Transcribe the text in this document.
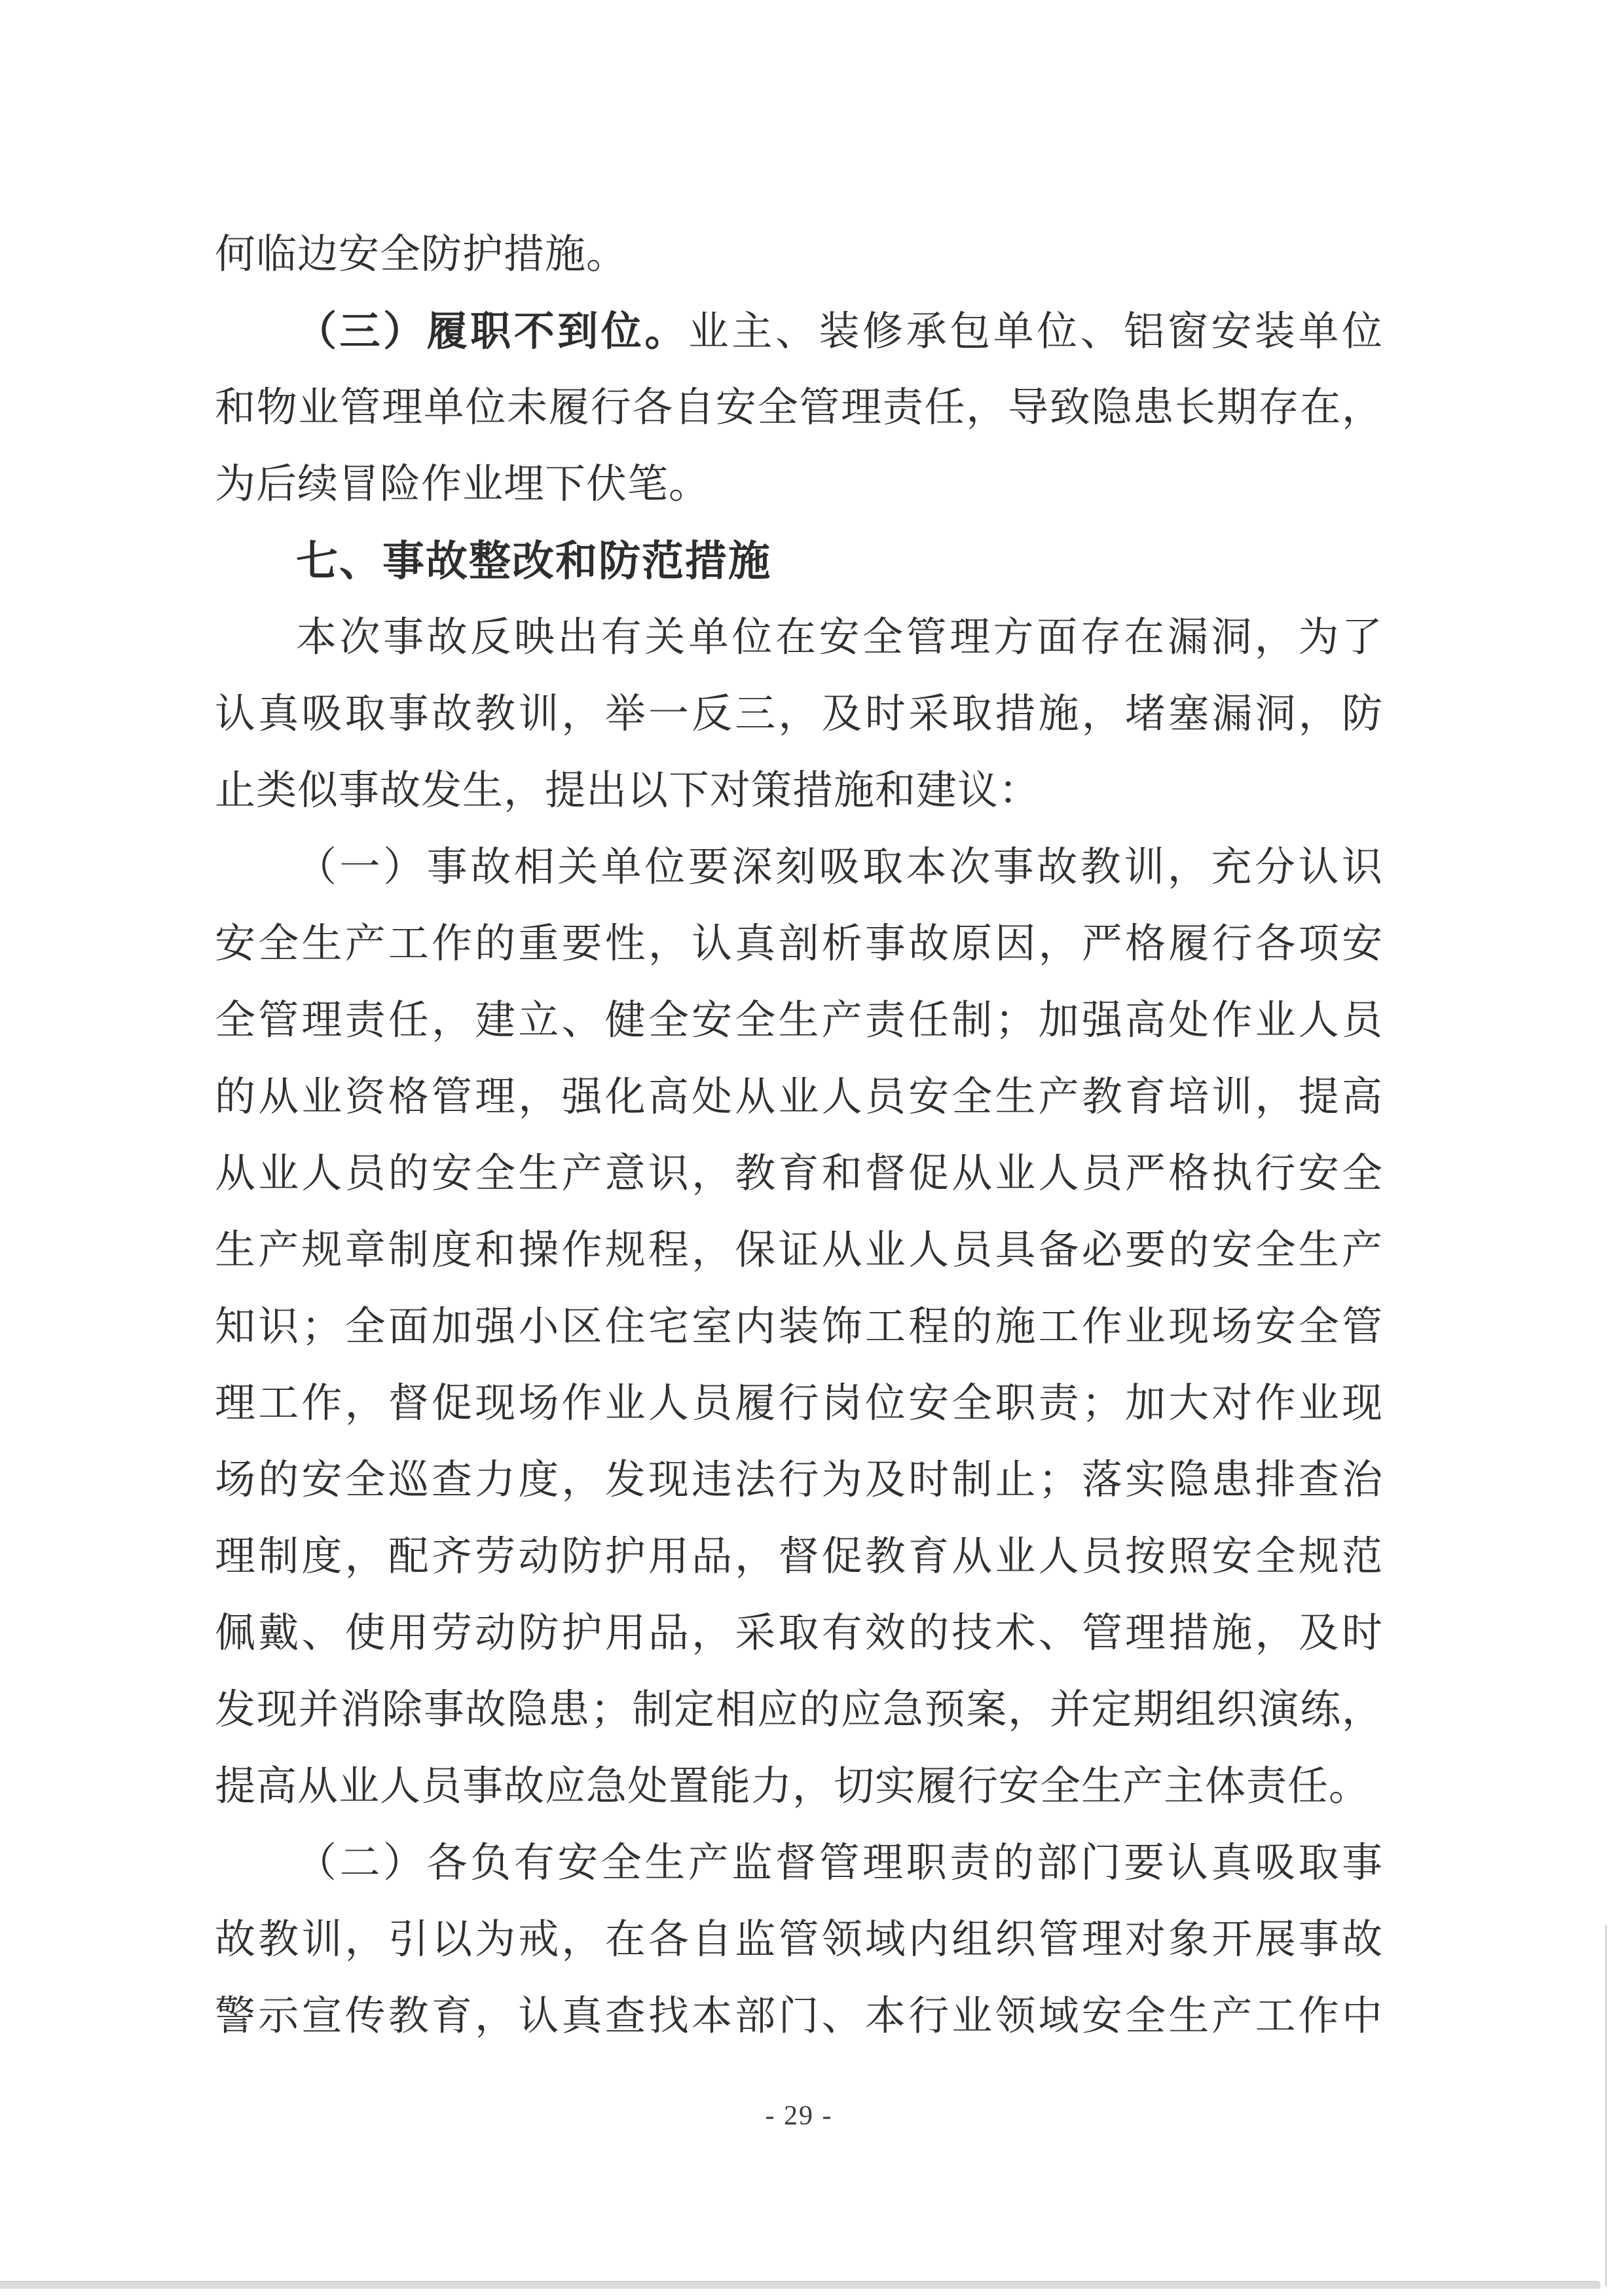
何临边安全防护措施。
（三）履职不到位。业主、装修承包单位、铝窗安装单位
和物业管理单位未履行各自安全管理责任，导致隐患长期存在，
为后续冒险作业埋下伏笔。
七、事故整改和防范措施
本次事故反映出有关单位在安全管理方面存在漏洞，为了
认真吸取事故教训，举一反三，及时采取措施，堵塞漏洞，防
止类似事故发生，提出以下对策措施和建议：
（一）事故相关单位要深刻吸取本次事故教训，充分认识
安全生产工作的重要性，认真剖析事故原因，严格履行各项安
全管理责任，建立、健全安全生产责任制；加强高处作业人员
的从业资格管理，强化高处从业人员安全生产教育培训，提高
从业人员的安全生产意识，教育和督促从业人员严格执行安全
生产规章制度和操作规程，保证从业人员具备必要的安全生产
知识；全面加强小区住宅室内装饰工程的施工作业现场安全管
理工作，督促现场作业人员履行岗位安全职责；加大对作业现
场的安全巡查力度，发现违法行为及时制止；落实隐患排查治
理制度，配齐劳动防护用品，督促教育从业人员按照安全规范
佩戴、使用劳动防护用品，采取有效的技术、管理措施，及时
发现并消除事故隐患；制定相应的应急预案，并定期组织演练，
提高从业人员事故应急处置能力，切实履行安全生产主体责任。
（二）各负有安全生产监督管理职责的部门要认真吸取事
故教训，引以为戒，在各自监管领域内组织管理对象开展事故
警示宣传教育，认真查找本部门、本行业领域安全生产工作中
- 29 -
